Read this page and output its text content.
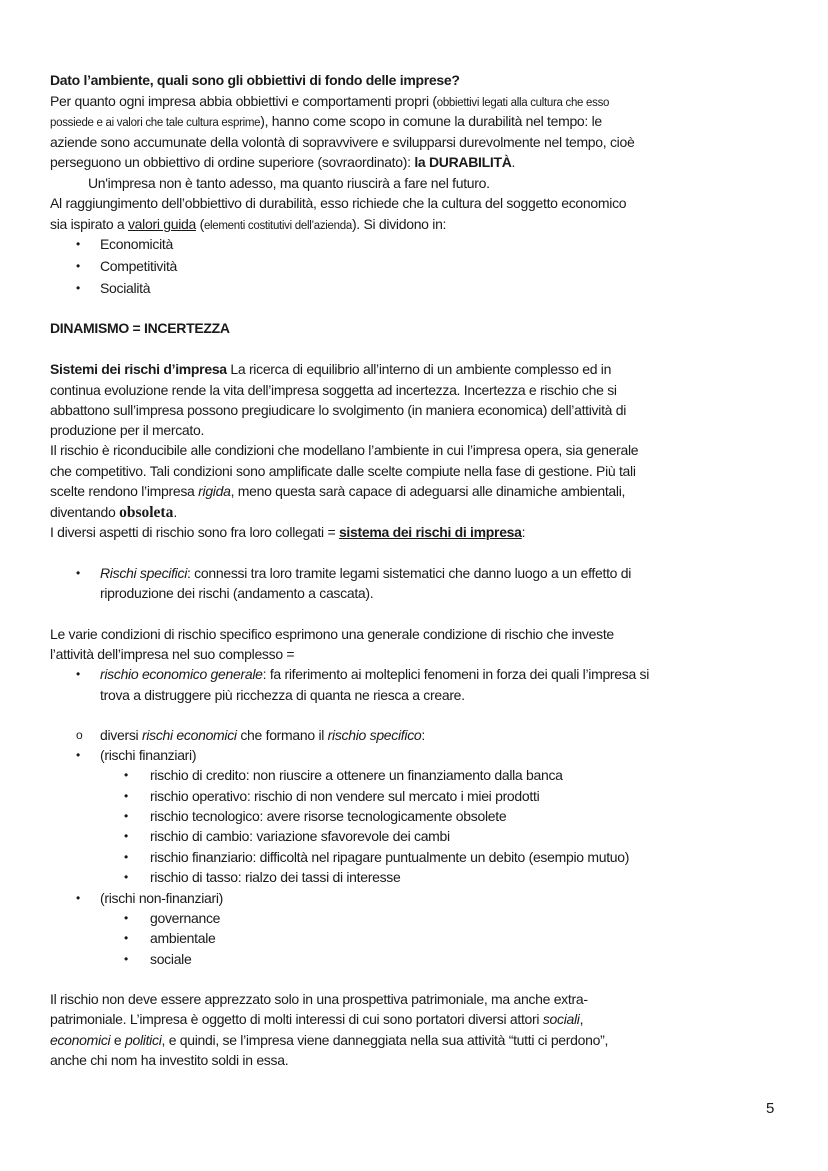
Dato l’ambiente, quali sono gli obbiettivi di fondo delle imprese?
Per quanto ogni impresa abbia obbiettivi e comportamenti propri (obbiettivi legati alla cultura che esso
possiede e ai valori che tale cultura esprime), hanno come scopo in comune la durabilità nel tempo: le
aziende sono accumunate della volontà di sopravvivere e svilupparsi durevolmente nel tempo, cioè
perseguono un obbiettivo di ordine superiore (sovraordinato): la DURABILITÀ.
Un'impresa non è tanto adesso, ma quanto riuscirà a fare nel futuro.
Al raggiungimento dell’obbiettivo di durabilità, esso richiede che la cultura del soggetto economico
sia ispirato a valori guida (elementi costitutivi dell’azienda). Si dividono in:
• Economicità
• Competitività
• Socialità
DINAMISMO = INCERTEZZA
Sistemi dei rischi d’impresa La ricerca di equilibrio all’interno di un ambiente complesso ed in
continua evoluzione rende la vita dell’impresa soggetta ad incertezza. Incertezza e rischio che si
abbattono sull’impresa possono pregiudicare lo svolgimento (in maniera economica) dell’attività di
produzione per il mercato.
Il rischio è riconducibile alle condizioni che modellano l’ambiente in cui l’impresa opera, sia generale
che competitivo. Tali condizioni sono amplificate dalle scelte compiute nella fase di gestione. Più tali
scelte rendono l’impresa rigida, meno questa sarà capace di adeguarsi alle dinamiche ambientali,
diventando obsoleta.
I diversi aspetti di rischio sono fra loro collegati = sistema dei rischi di impresa:
• Rischi specifici: connessi tra loro tramite legami sistematici che danno luogo a un effetto di
riproduzione dei rischi (andamento a cascata).
Le varie condizioni di rischio specifico esprimono una generale condizione di rischio che investe
l’attività dell’impresa nel suo complesso =
• rischio economico generale: fa riferimento ai molteplici fenomeni in forza dei quali l’impresa si
trova a distruggere più ricchezza di quanta ne riesca a creare.
o diversi rischi economici che formano il rischio specifico:
• (rischi finanziari)
• rischio di credito: non riuscire a ottenere un finanziamento dalla banca
• rischio operativo: rischio di non vendere sul mercato i miei prodotti
• rischio tecnologico: avere risorse tecnologicamente obsolete
• rischio di cambio: variazione sfavorevole dei cambi
• rischio finanziario: difficoltà nel ripagare puntualmente un debito (esempio mutuo)
• rischio di tasso: rialzo dei tassi di interesse
• (rischi non-finanziari)
• governance
• ambientale
• sociale
Il rischio non deve essere apprezzato solo in una prospettiva patrimoniale, ma anche extra-
patrimoniale. L’impresa è oggetto di molti interessi di cui sono portatori diversi attori sociali,
economici e politici, e quindi, se l’impresa viene danneggiata nella sua attività “tutti ci perdono”,
anche chi nom ha investito soldi in essa.
5
